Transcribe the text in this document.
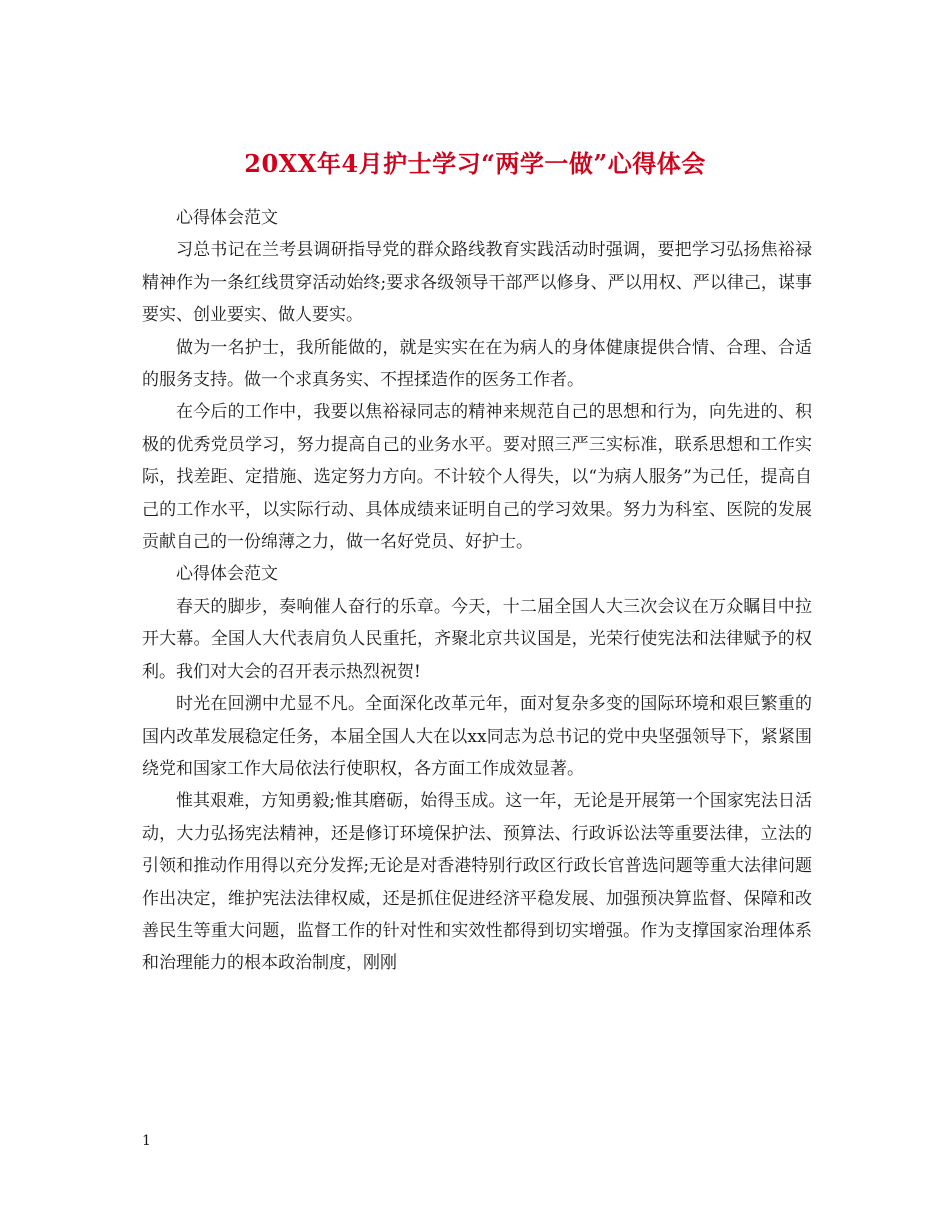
20XX年4月护士学习“两学一做”心得体会

心得体会范文

习总书记在兰考县调研指导党的群众路线教育实践活动时强调，要把学习弘扬焦裕禄精神作为一条红线贯穿活动始终;要求各级领导干部严以修身、严以用权、严以律己，谋事要实、创业要实、做人要实。

做为一名护士，我所能做的，就是实实在在为病人的身体健康提供合情、合理、合适的服务支持。做一个求真务实、不捏揉造作的医务工作者。

在今后的工作中，我要以焦裕禄同志的精神来规范自己的思想和行为，向先进的、积极的优秀党员学习，努力提高自己的业务水平。要对照三严三实标准，联系思想和工作实际，找差距、定措施、选定努力方向。不计较个人得失，以“为病人服务”为己任，提高自己的工作水平，以实际行动、具体成绩来证明自己的学习效果。努力为科室、医院的发展贡献自己的一份绵薄之力，做一名好党员、好护士。

心得体会范文

春天的脚步，奏响催人奋行的乐章。今天，十二届全国人大三次会议在万众瞩目中拉开大幕。全国人大代表肩负人民重托，齐聚北京共议国是，光荣行使宪法和法律赋予的权利。我们对大会的召开表示热烈祝贺!

时光在回溯中尤显不凡。全面深化改革元年，面对复杂多变的国际环境和艰巨繁重的国内改革发展稳定任务，本届全国人大在以xx同志为总书记的党中央坚强领导下，紧紧围绕党和国家工作大局依法行使职权，各方面工作成效显著。

惟其艰难，方知勇毅;惟其磨砺，始得玉成。这一年，无论是开展第一个国家宪法日活动，大力弘扬宪法精神，还是修订环境保护法、预算法、行政诉讼法等重要法律，立法的引领和推动作用得以充分发挥;无论是对香港特别行政区行政长官普选问题等重大法律问题作出决定，维护宪法法律权威，还是抓住促进经济平稳发展、加强预决算监督、保障和改善民生等重大问题，监督工作的针对性和实效性都得到切实增强。作为支撑国家治理体系和治理能力的根本政治制度，刚刚

1
